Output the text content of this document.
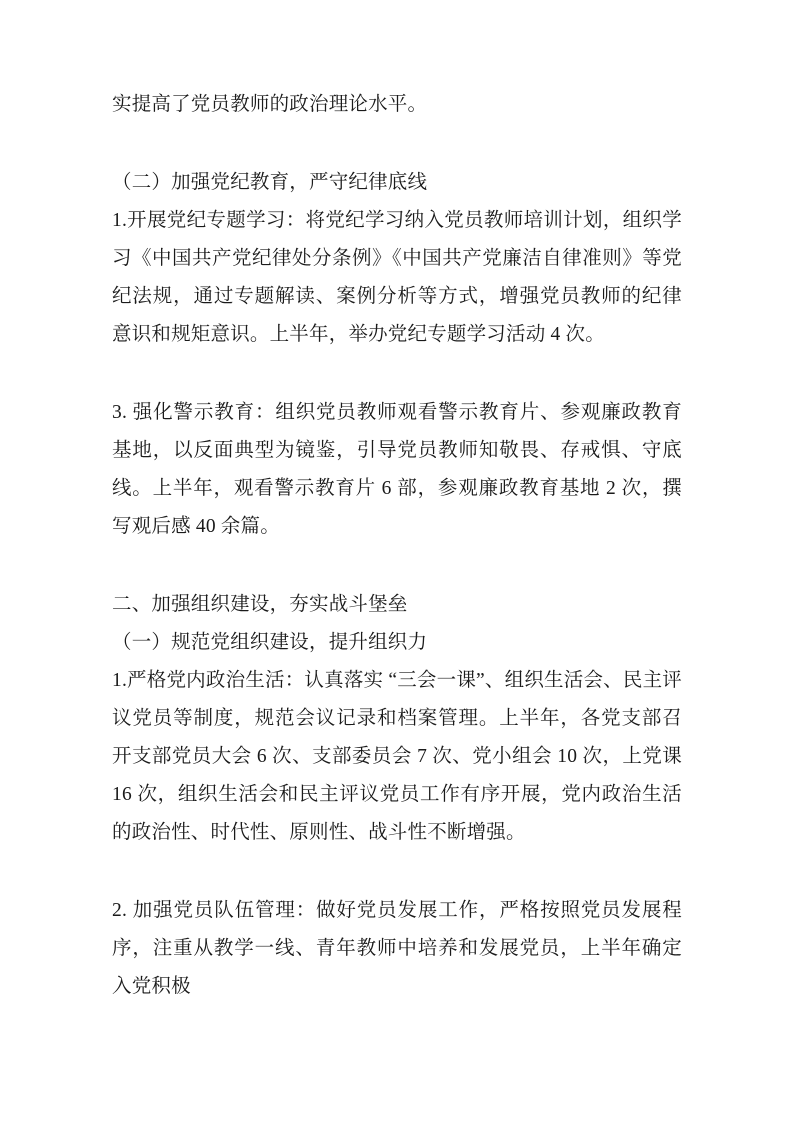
实提高了党员教师的政治理论水平。

（二）加强党纪教育，严守纪律底线

1.开展党纪专题学习：将党纪学习纳入党员教师培训计划，组织学习《中国共产党纪律处分条例》《中国共产党廉洁自律准则》等党纪法规，通过专题解读、案例分析等方式，增强党员教师的纪律意识和规矩意识。上半年，举办党纪专题学习活动 4 次。

3. 强化警示教育：组织党员教师观看警示教育片、参观廉政教育基地，以反面典型为镜鉴，引导党员教师知敬畏、存戒惧、守底线。上半年，观看警示教育片 6 部，参观廉政教育基地 2 次，撰写观后感 40 余篇。

二、加强组织建设，夯实战斗堡垒

（一）规范党组织建设，提升组织力

1.严格党内政治生活：认真落实 “三会一课”、组织生活会、民主评议党员等制度，规范会议记录和档案管理。上半年，各党支部召开支部党员大会 6 次、支部委员会 7 次、党小组会 10 次，上党课 16 次，组织生活会和民主评议党员工作有序开展，党内政治生活的政治性、时代性、原则性、战斗性不断增强。

2. 加强党员队伍管理：做好党员发展工作，严格按照党员发展程序，注重从教学一线、青年教师中培养和发展党员，上半年确定入党积极
